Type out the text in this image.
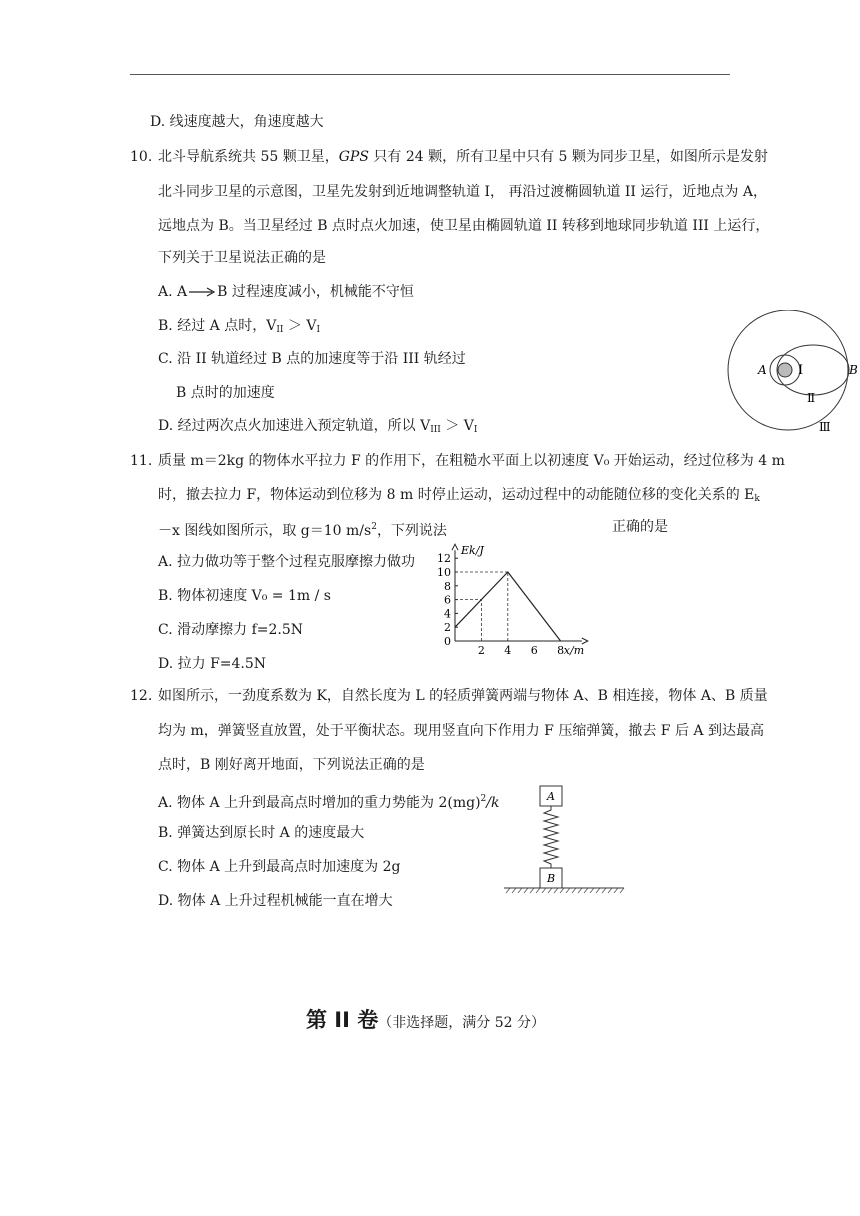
D. 线速度越大，角速度越大
10. 北斗导航系统共 55 颗卫星，GPS 只有 24 颗，所有卫星中只有 5 颗为同步卫星，如图所示是发射
北斗同步卫星的示意图，卫星先发射到近地调整轨道 I， 再沿过渡椭圆轨道 II 运行，近地点为 A，
远地点为 B。当卫星经过 B 点时点火加速，使卫星由椭圆轨道 II 转移到地球同步轨道 III 上运行，
下列关于卫星说法正确的是
A. A B 过程速度减小，机械能不守恒
B. 经过 A 点时，$V_{II} > V_I$
C. 沿 II 轨道经过 B 点的加速度等于沿 III 轨经过
B 点时的加速度
D. 经过两次点火加速进入预定轨道，所以 $V_{III} > V_I$
A	B
I
Ⅱ
Ⅲ
11. 质量 m＝2kg 的物体水平拉力 F 的作用下，在粗糙水平面上以初速度 V₀ 开始运动，经过位移为 4 m
时，撤去拉力 F，物体运动到位移为 8 m 时停止运动，运动过程中的动能随位移的变化关系的 $E_k$
－x 图线如图所示，取 g＝10 $m/s^2$，下列说法	正确的是
A. 拉力做功等于整个过程克服摩擦力做功
B. 物体初速度 V₀ = 1m / s
C. 滑动摩擦力 f=2.5N
D. 拉力 F=4.5N
0
2
4
6
8
10
12
2 4 6 8 x/m
Ek/J
12. 如图所示，一劲度系数为 K，自然长度为 L 的轻质弹簧两端与物体 A、B 相连接，物体 A、B 质量
均为 m，弹簧竖直放置，处于平衡状态。现用竖直向下作用力 F 压缩弹簧，撤去 F 后 A 到达最高
点时，B 刚好离开地面，下列说法正确的是
A. 物体 A 上升到最高点时增加的重力势能为 2(mg)$^2$/k
B. 弹簧达到原长时 A 的速度最大
C. 物体 A 上升到最高点时加速度为 2g
D. 物体 A 上升过程机械能一直在增大
A
B
第 II 卷（非选择题，满分 52 分）
